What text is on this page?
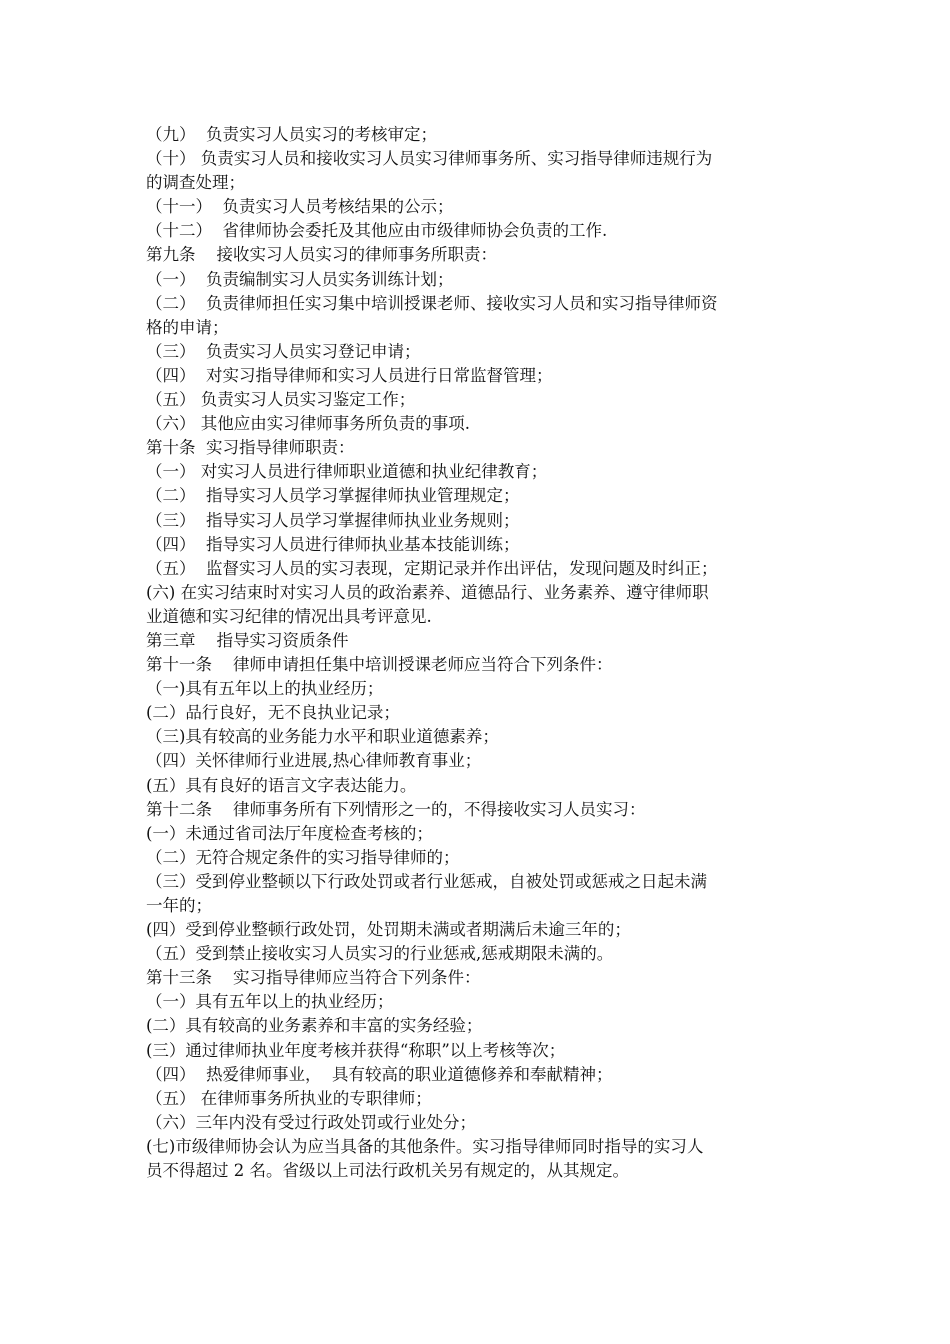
（九）  负责实习人员实习的考核审定；
（十） 负责实习人员和接收实习人员实习律师事务所、实习指导律师违规行为
的调查处理；
（十一）  负责实习人员考核结果的公示；
（十二）  省律师协会委托及其他应由市级律师协会负责的工作.
第九条    接收实习人员实习的律师事务所职责：
（一）  负责编制实习人员实务训练计划；
（二）  负责律师担任实习集中培训授课老师、接收实习人员和实习指导律师资
格的申请；
（三）  负责实习人员实习登记申请；
（四）  对实习指导律师和实习人员进行日常监督管理；
（五） 负责实习人员实习鉴定工作；
（六） 其他应由实习律师事务所负责的事项.
第十条  实习指导律师职责：
（一） 对实习人员进行律师职业道德和执业纪律教育；
（二）  指导实习人员学习掌握律师执业管理规定；
（三）  指导实习人员学习掌握律师执业业务规则；
（四）  指导实习人员进行律师执业基本技能训练；
（五）  监督实习人员的实习表现，定期记录并作出评估，发现问题及时纠正；
(六) 在实习结束时对实习人员的政治素养、道德品行、业务素养、遵守律师职
业道德和实习纪律的情况出具考评意见.
第三章    指导实习资质条件
第十一条    律师申请担任集中培训授课老师应当符合下列条件：
（一)具有五年以上的执业经历；
(二）品行良好，无不良执业记录；
（三)具有较高的业务能力水平和职业道德素养；
（四）关怀律师行业进展,热心律师教育事业；
(五）具有良好的语言文字表达能力。
第十二条    律师事务所有下列情形之一的，不得接收实习人员实习：
(一）未通过省司法厅年度检查考核的；
（二）无符合规定条件的实习指导律师的；
（三）受到停业整顿以下行政处罚或者行业惩戒，自被处罚或惩戒之日起未满
一年的；
(四）受到停业整顿行政处罚，处罚期未满或者期满后未逾三年的；
（五）受到禁止接收实习人员实习的行业惩戒,惩戒期限未满的。
第十三条    实习指导律师应当符合下列条件：
（一）具有五年以上的执业经历；
(二）具有较高的业务素养和丰富的实务经验；
(三）通过律师执业年度考核并获得“称职”以上考核等次；
（四）  热爱律师事业，  具有较高的职业道德修养和奉献精神；
（五） 在律师事务所执业的专职律师；
（六）三年内没有受过行政处罚或行业处分；
(七)市级律师协会认为应当具备的其他条件。实习指导律师同时指导的实习人
员不得超过 2 名。省级以上司法行政机关另有规定的，从其规定。
